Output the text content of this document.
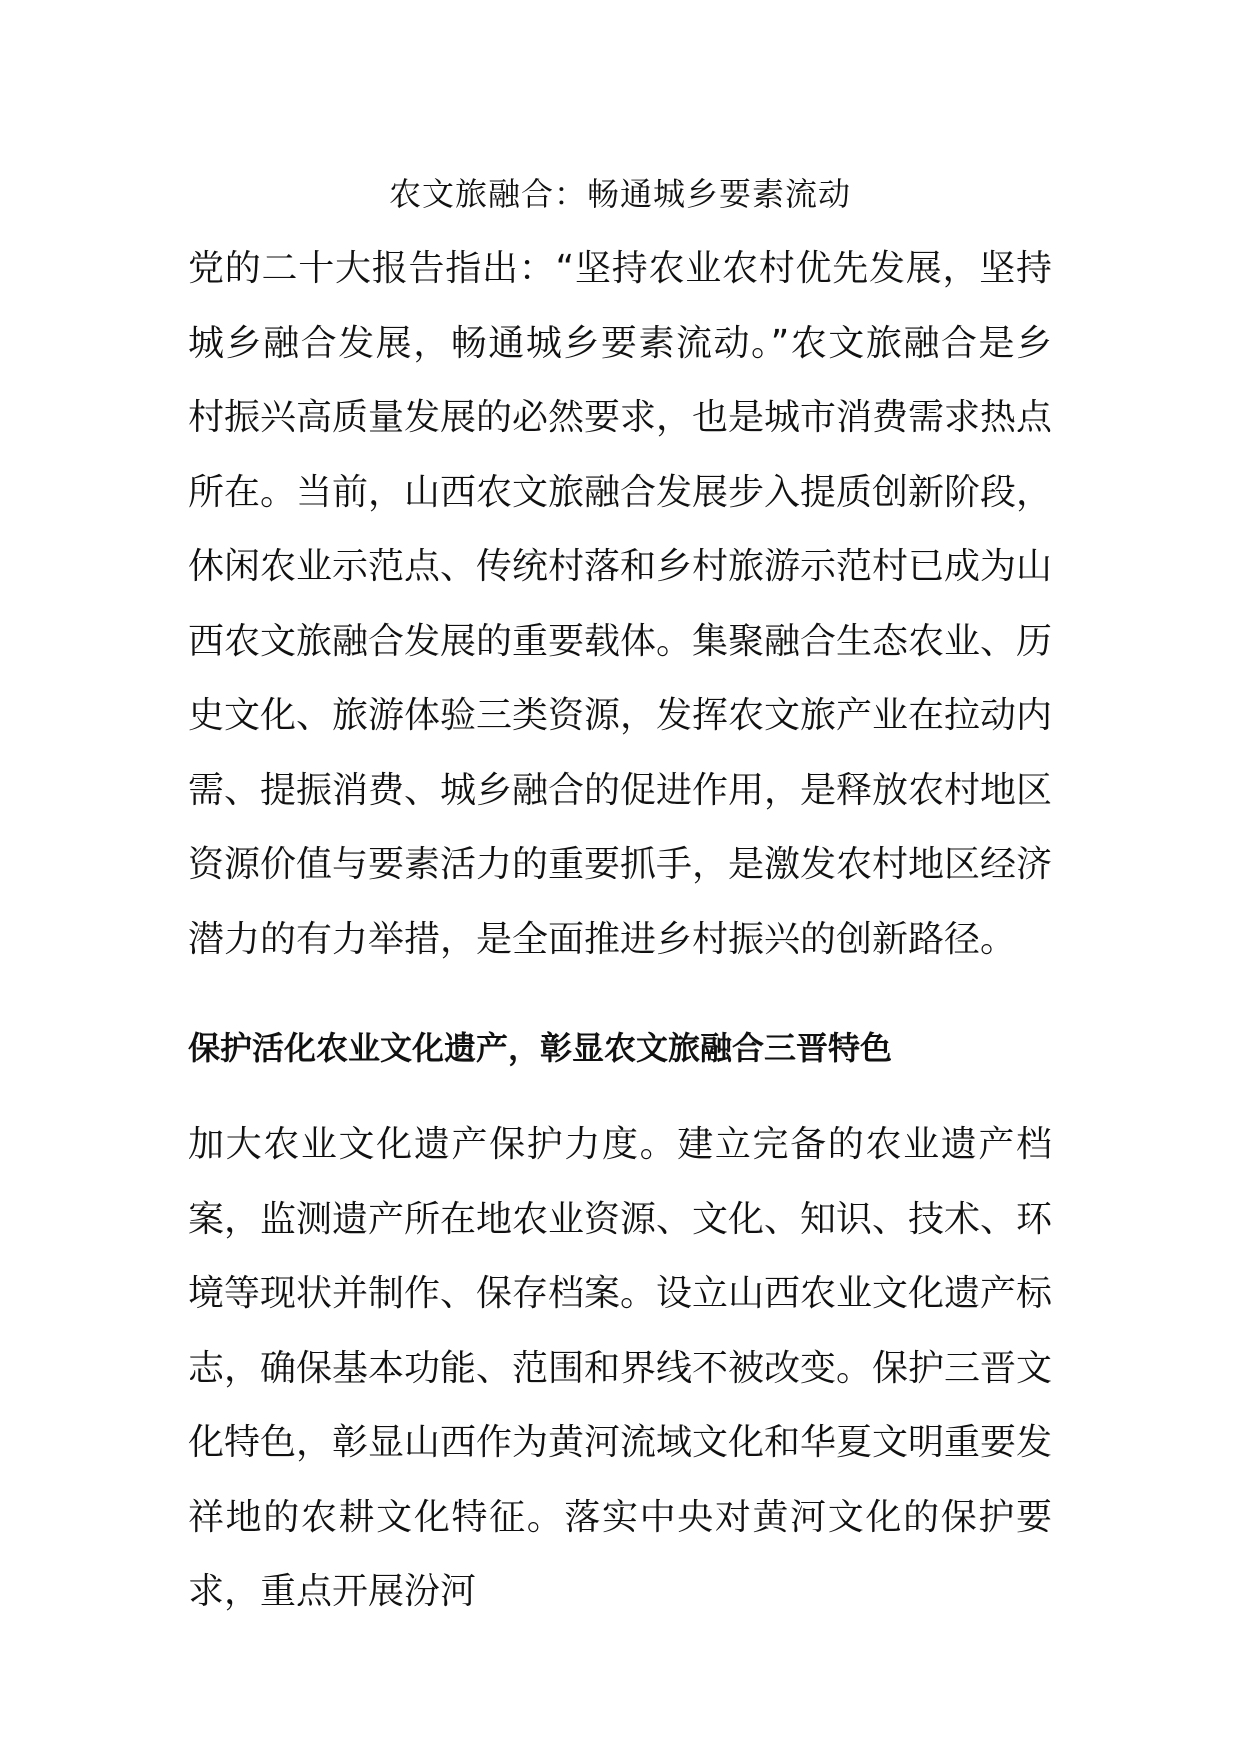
农文旅融合：畅通城乡要素流动

党的二十大报告指出：“坚持农业农村优先发展，坚持城乡融合发展，畅通城乡要素流动。”农文旅融合是乡村振兴高质量发展的必然要求，也是城市消费需求热点所在。当前，山西农文旅融合发展步入提质创新阶段，休闲农业示范点、传统村落和乡村旅游示范村已成为山西农文旅融合发展的重要载体。集聚融合生态农业、历史文化、旅游体验三类资源，发挥农文旅产业在拉动内需、提振消费、城乡融合的促进作用，是释放农村地区资源价值与要素活力的重要抓手，是激发农村地区经济潜力的有力举措，是全面推进乡村振兴的创新路径。

保护活化农业文化遗产，彰显农文旅融合三晋特色

加大农业文化遗产保护力度。建立完备的农业遗产档案，监测遗产所在地农业资源、文化、知识、技术、环境等现状并制作、保存档案。设立山西农业文化遗产标志，确保基本功能、范围和界线不被改变。保护三晋文化特色，彰显山西作为黄河流域文化和华夏文明重要发祥地的农耕文化特征。落实中央对黄河文化的保护要求，重点开展汾河
